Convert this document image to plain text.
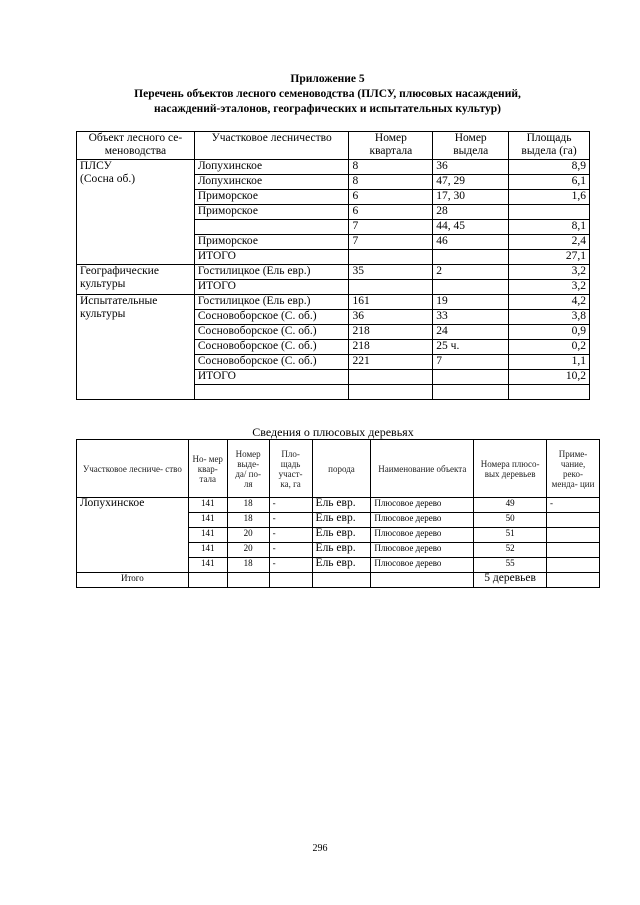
Приложение 5
Перечень объектов лесного семеноводства (ПЛСУ, плюсовых насаждений,
насаждений-эталонов, географических и испытательных культур)
Объект лесного се- меноводства	Участковое лесничество	Номер квартала	Номер выдела	Площадь выдела (га)
ПЛСУ
(Сосна об.)	Лопухинское	8	36	8,9
	Лопухинское	8	47, 29	6,1
	Приморское	6	17, 30	1,6
	Приморское	6	28	
		7	44, 45	8,1
	Приморское	7	46	2,4
	ИТОГО			27,1
Географические культуры	Гостилицкое (Ель евр.)	35	2	3,2
	ИТОГО			3,2
Испытательные культуры	Гостилицкое (Ель евр.)	161	19	4,2
	Сосновоборское (С. об.)	36	33	3,8
	Сосновоборское (С. об.)	218	24	0,9
	Сосновоборское (С. об.)	218	25 ч.	0,2
	Сосновоборское (С. об.)	221	7	1,1
	ИТОГО			10,2

Сведения о плюсовых деревьях
Участковое лесниче- ство	Но- мер квар- тала	Номер выде- да/ по- ля	Пло- щадь участ- ка, га	порода	Наименование объекта	Номера плюсо- вых деревьев	Приме- чание, реко- менда- ции
Лопухинское	141	18	-	Ель евр.	Плюсовое дерево	49	-
	141	18	-	Ель евр.	Плюсовое дерево	50	
	141	20	-	Ель евр.	Плюсовое дерево	51	
	141	20	-	Ель евр.	Плюсовое дерево	52	
	141	18	-	Ель евр.	Плюсовое дерево	55	
Итого						5 деревьев	
296
